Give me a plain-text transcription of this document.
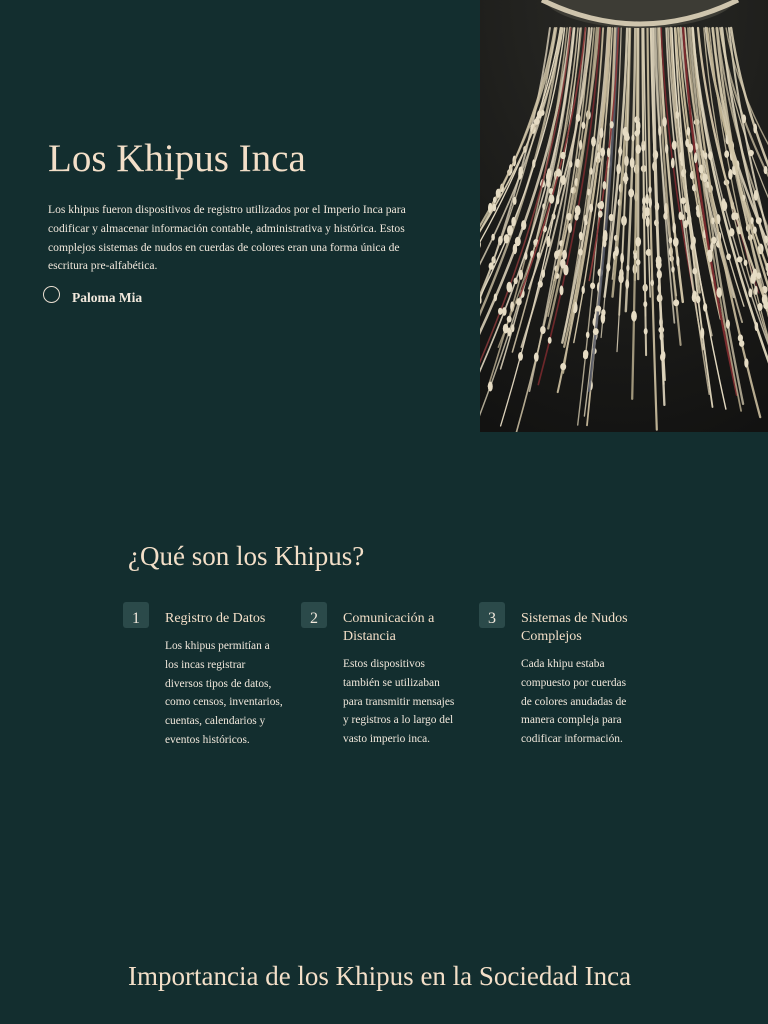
Los Khipus Inca

Los khipus fueron dispositivos de registro utilizados por el Imperio Inca para codificar y almacenar información contable, administrativa y histórica. Estos complejos sistemas de nudos en cuerdas de colores eran una forma única de escritura pre-alfabética.

Paloma Mia
¿Qué son los Khipus?
1	Registro de Datos

Los khipus permitían a los incas registrar diversos tipos de datos, como censos, inventarios, cuentas, calendarios y eventos históricos.

2	Comunicación a Distancia

Estos dispositivos también se utilizaban para transmitir mensajes y registros a lo largo del vasto imperio inca.

3	Sistemas de Nudos Complejos

Cada khipu estaba compuesto por cuerdas de colores anudadas de manera compleja para codificar información.

Importancia de los Khipus en la Sociedad Inca
